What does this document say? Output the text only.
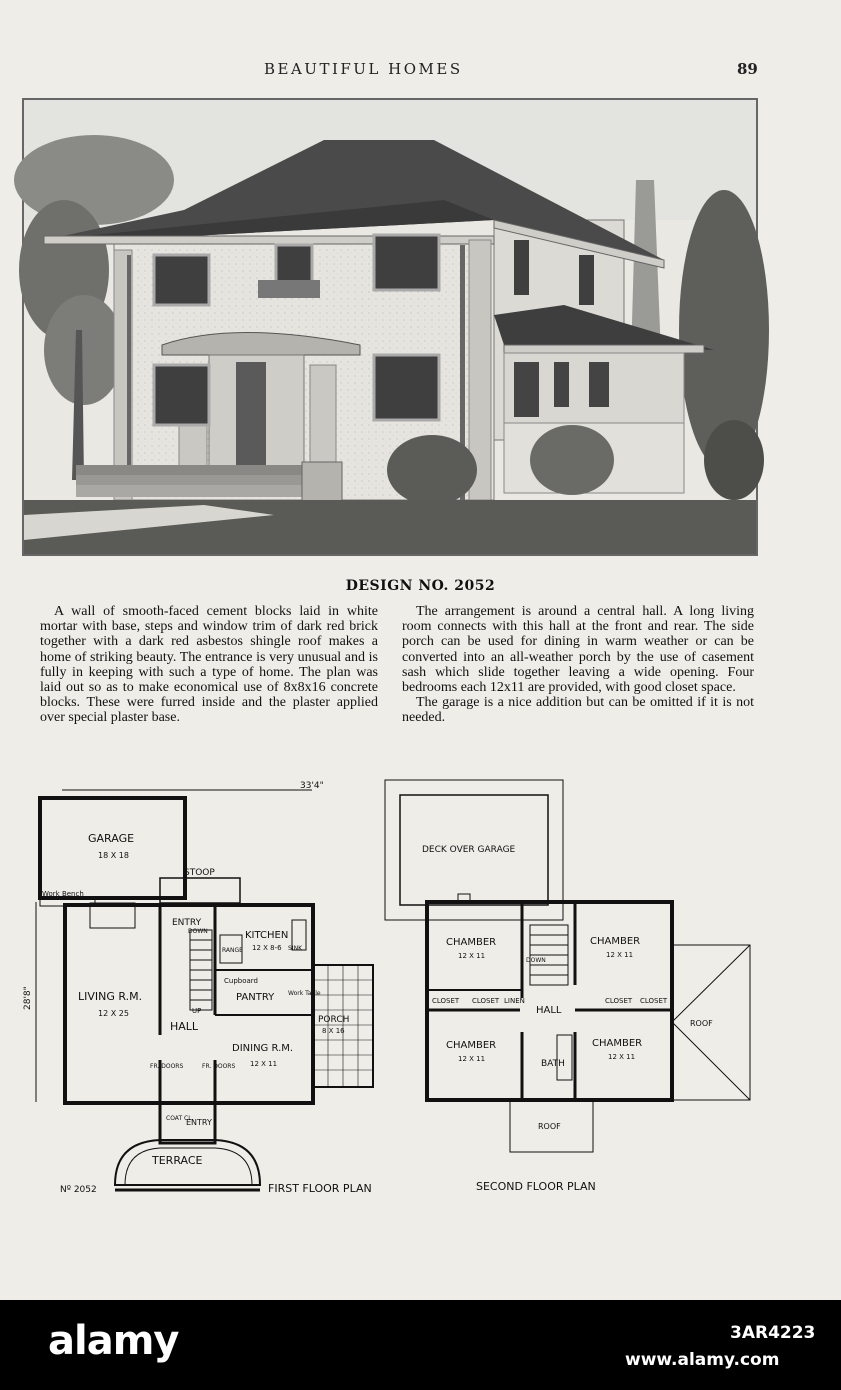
BEAUTIFUL HOMES	89
DESIGN NO. 2052

A wall of smooth-faced cement blocks laid in white mortar with base, steps and window trim of dark red brick together with a dark red asbestos shingle roof makes a home of striking beauty. The entrance is very unusual and is fully in keeping with such a type of home. The plan was laid out so as to make economical use of 8x8x16 concrete blocks. These were furred inside and the plaster applied over special plaster base.

The arrangement is around a central hall. A long living room connects with this hall at the front and rear. The side porch can be used for dining in warm weather or can be converted into an all-weather porch by the use of casement sash which slide together leaving a wide opening. Four bedrooms each 12x11 are provided, with good closet space.

The garage is a nice addition but can be omitted if it is not needed.

33'4"
28'8"
GARAGE
18 X 18
Work Bench
STOOP
ENTRY
DOWN	KITCHEN
12 X 8-6 SINK
RANGE
Cupboard
PANTRY Work Table
LIVING R.M.
12 X 25	UP
HALL	PORCH
8 X 16
DINING R.M.
12 X 11
FR. DOORS	FR. DOORS
COAT CL.
ENTRY
TERRACE
Nº 2052	FIRST FLOOR PLAN
DECK OVER GARAGE
CHAMBER
12 X 11
CHAMBER
12 X 11
CHAMBER
12 X 11
CHAMBER
12 X 11
DOWN
CLOSET CLOSET LINEN	CLOSET CLOSET
HALL
BATH
ROOF
ROOF
SECOND FLOOR PLAN
alamy	3AR4223
www.alamy.com
